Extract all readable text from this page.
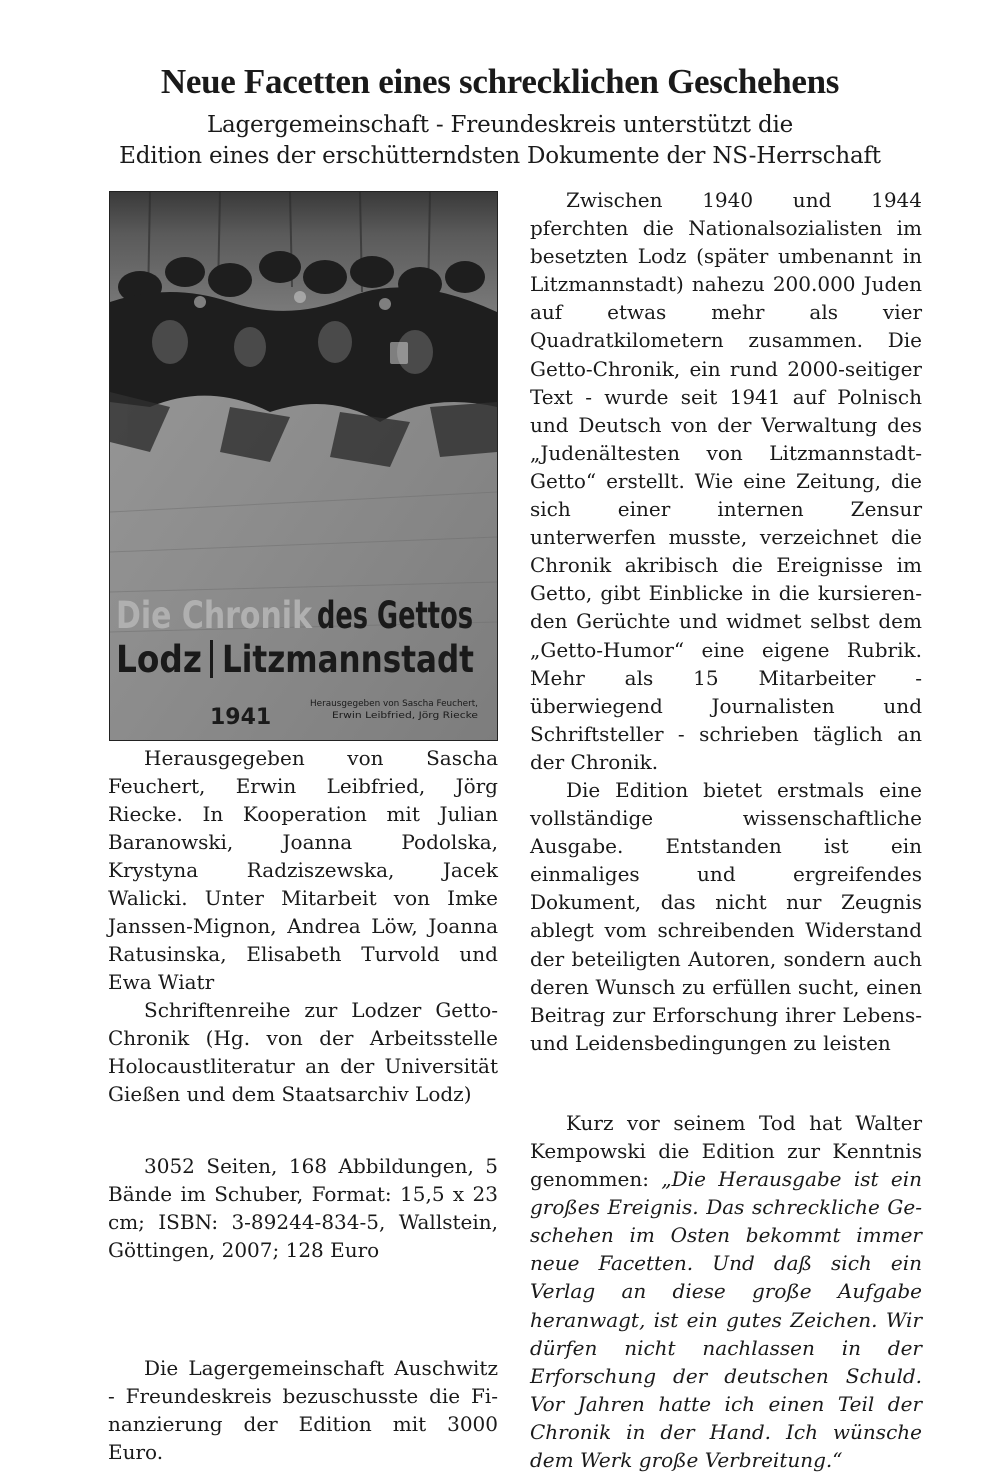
Neue Facetten eines schrecklichen Geschehens
Lagergemeinschaft - Freundeskreis unterstützt die
Edition eines der erschütterndsten Dokumente der NS-Herrschaft
Die Chronik des Gettos
Lodz Litzmannstadt
1941
Herausgegeben von Sascha Feuchert,
Erwin Leibfried, Jörg Riecke

Herausgegeben von Sascha Feuchert, Erwin Leibfried, Jörg Riecke. In Kooperation mit Julian Baranowski, Joanna Podolska, Krystyna Radziszewska, Jacek Walicki. Unter Mitarbeit von Imke Janssen-Mignon, Andrea Löw, Joanna Ratusinska, Elisabeth Turvold und Ewa Wiatr

Schriftenreihe zur Lodzer Getto-Chronik (Hg. von der Arbeitsstelle Holocaustliteratur an der Universität Gießen und dem Staatsarchiv Lodz)

3052 Seiten, 168 Abbildungen, 5 Bände im Schuber, Format: 15,5 x 23 cm; ISBN: 3-89244-834-5, Wallstein, Göttingen, 2007; 128 Euro

Die Lagergemeinschaft Auschwitz - Freundeskreis bezuschusste die Finanzierung der Edition mit 3000 Euro.

Zwischen 1940 und 1944 pferchten die Nationalsozialisten im besetzten Lodz (später umbenannt in Litzmannstadt) nahezu 200.000 Juden auf etwas mehr als vier Quadratkilometern zusammen. Die Getto-Chronik, ein rund 2000-seitiger Text - wurde seit 1941 auf Polnisch und Deutsch von der Verwaltung des „Judenältesten von Litzmannstadt-Getto“ erstellt. Wie eine Zeitung, die sich einer internen Zensur unterwerfen musste, verzeichnet die Chronik akribisch die Ereignisse im Getto, gibt Einblicke in die kursierenden Gerüchte und widmet selbst dem „Getto-Humor“ eine eigene Rubrik. Mehr als 15 Mitarbeiter - überwiegend Journalisten und Schriftsteller - schrieben täglich an der Chronik.

Die Edition bietet erstmals eine vollständige wissenschaftliche Ausgabe. Entstanden ist ein einmaliges und ergreifendes Dokument, das nicht nur Zeugnis ablegt vom schreibenden Widerstand der beteiligten Autoren, sondern auch deren Wunsch zu erfüllen sucht, einen Beitrag zur Erforschung ihrer Lebens- und Leidensbedingungen zu leisten

Kurz vor seinem Tod hat Walter Kempowski die Edition zur Kenntnis genommen: „Die Herausgabe ist ein großes Ereignis. Das schreckliche Geschehen im Osten bekommt immer neue Facetten. Und daß sich ein Verlag an diese große Aufgabe heranwagt, ist ein gutes Zeichen. Wir dürfen nicht nachlassen in der Erforschung der deutschen Schuld. Vor Jahren hatte ich einen Teil der Chronik in der Hand. Ich wünsche dem Werk große Verbreitung.“
